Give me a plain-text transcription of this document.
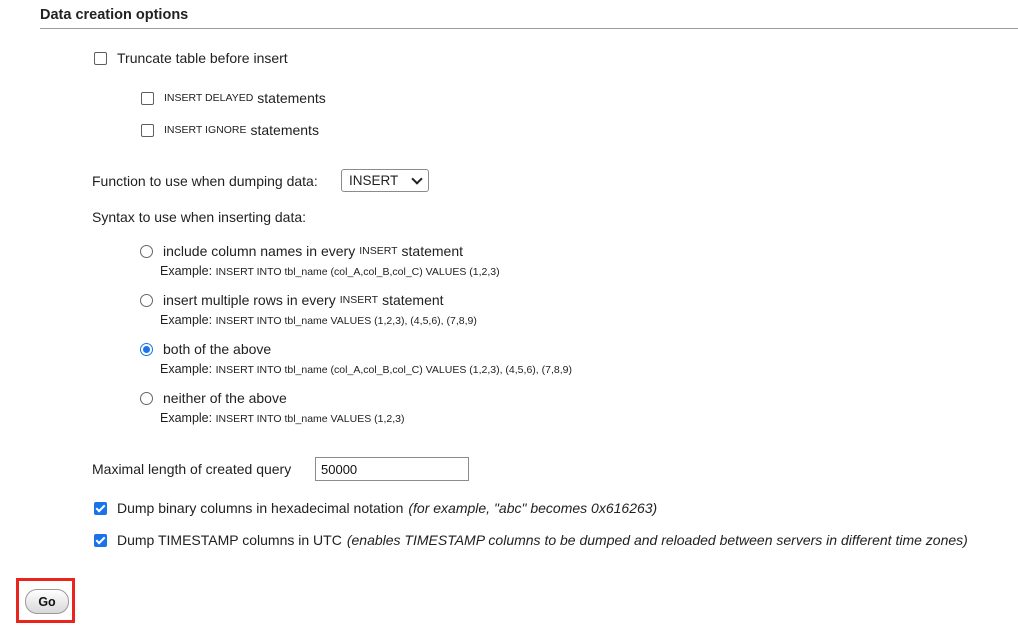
Data creation options
Truncate table before insert
INSERT DELAYED statements
INSERT IGNORE statements
Function to use when dumping data: INSERT
Syntax to use when inserting data:
include column names in every INSERT statement
Example: INSERT INTO tbl_name (col_A,col_B,col_C) VALUES (1,2,3)
insert multiple rows in every INSERT statement
Example: INSERT INTO tbl_name VALUES (1,2,3), (4,5,6), (7,8,9)
both of the above
Example: INSERT INTO tbl_name (col_A,col_B,col_C) VALUES (1,2,3), (4,5,6), (7,8,9)
neither of the above
Example: INSERT INTO tbl_name VALUES (1,2,3)
Maximal length of created query
50000
Dump binary columns in hexadecimal notation (for example, "abc" becomes 0x616263)
Dump TIMESTAMP columns in UTC (enables TIMESTAMP columns to be dumped and reloaded between servers in different time zones)
Go
